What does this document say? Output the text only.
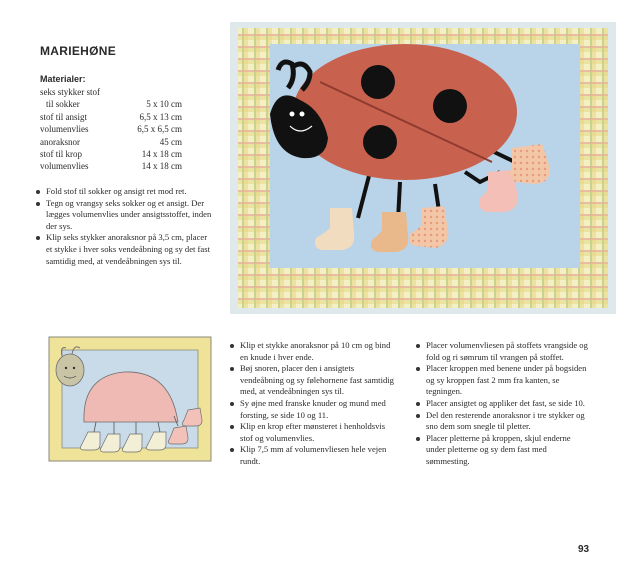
MARIEHØNE
Materialer:
seks stykker stof
til sokker	5 x 10 cm
stof til ansigt	6,5 x 13 cm
volumenvlies	6,5 x 6,5 cm
anoraksnor	45 cm
stof til krop	14 x 18 cm
volumenvlies	14 x 18 cm
Fold stof til sokker og ansigt ret mod ret.
Tegn og vrangsy seks sokker og et ansigt. Der lægges volumenvlies under ansigtsstoffet, inden der sys.
Klip seks stykker anoraksnor på 3,5 cm, placer et stykke i hver soks vendeåbning og sy det fast samtidig med, at vendeåbningen sys til.
Klip et stykke anoraksnor på 10 cm og bind en knude i hver ende.
Bøj snoren, placer den i ansigtets vendeåbning og sy følehornene fast samtidig med, at vendeåbningen sys til.
Sy øjne med franske knuder og mund med forsting, se side 10 og 11.
Klip en krop efter mønsteret i henholdsvis stof og volumenvlies.
Klip 7,5 mm af volumenvliesen hele vejen rundt.
Placer volumenvliesen på stoffets vrangside og fold og ri sømrum til vrangen på stoffet.
Placer kroppen med benene under på bogsiden og sy kroppen fast 2 mm fra kanten, se tegningen.
Placer ansigtet og appliker det fast, se side 10.
Del den resterende anoraksnor i tre stykker og sno dem som snegle til pletter.
Placer pletterne på kroppen, skjul enderne under pletterne og sy dem fast med sømmesting.
93
